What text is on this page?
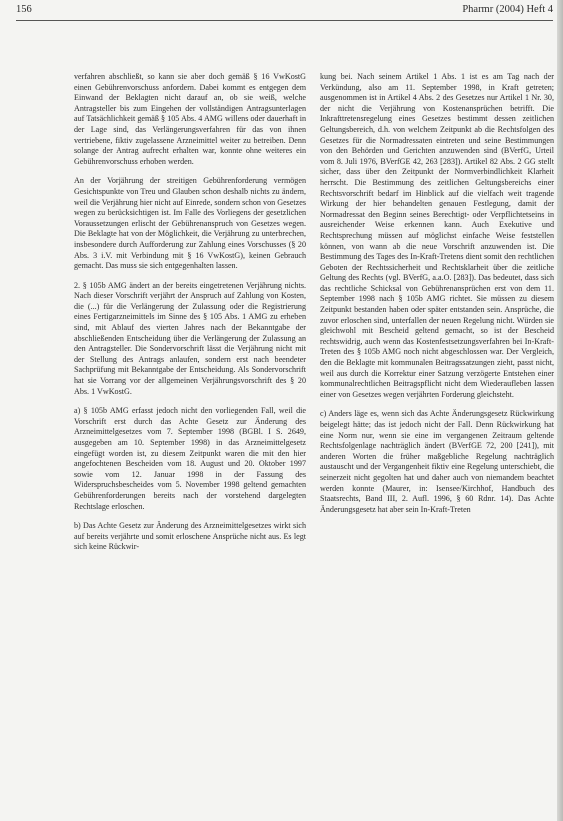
156	Pharmr (2004) Heft 4

verfahren abschließt, so kann sie aber doch gemäß § 16 VwKostG einen Gebührenvorschuss anfordern. Dabei kommt es entgegen dem Einwand der Beklagten nicht darauf an, ob sie weiß, welche Antragsteller bis zum Eingehen der vollständigen Antragsunterlagen auf Tatsächlichkeit gemäß § 105 Abs. 4 AMG willens oder dauerhaft in der Lage sind, das Verlängerungsverfahren für das von ihnen vertriebene, fiktiv zugelassene Arzneimittel weiter zu betreiben. Denn solange der Antrag aufrecht erhalten war, konnte ohne weiteres ein Gebührenvorschuss erhoben werden.

An der Vorjährung der streitigen Gebührenforderung vermögen Gesichtspunkte von Treu und Glauben schon deshalb nichts zu ändern, weil die Verjährung hier nicht auf Einrede, sondern schon von Gesetzes wegen zu berücksichtigen ist. Im Falle des Vorliegens der gesetzlichen Voraussetzungen erlischt der Gebührenanspruch von Gesetzes wegen. Die Beklagte hat von der Möglichkeit, die Verjährung zu unterbrechen, insbesondere durch Aufforderung zur Zahlung eines Vorschusses (§ 20 Abs. 3 i.V. mit Verbindung mit § 16 VwKostG), keinen Gebrauch gemacht. Das muss sie sich entgegenhalten lassen.

2. § 105b AMG ändert an der bereits eingetretenen Verjährung nichts. Nach dieser Vorschrift verjährt der Anspruch auf Zahlung von Kosten, die (...) für die Verlängerung der Zulassung oder die Registrierung eines Fertigarzneimittels im Sinne des § 105 Abs. 1 AMG zu erheben sind, mit Ablauf des vierten Jahres nach der Bekanntgabe der abschließenden Entscheidung über die Verlängerung der Zulassung an den Antragsteller. Die Sondervorschrift lässt die Verjährung nicht mit der Stellung des Antrags anlaufen, sondern erst nach beendeter Sachprüfung mit Bekanntgabe der Entscheidung. Als Sondervorschrift hat sie Vorrang vor der allgemeinen Verjährungsvorschrift des § 20 Abs. 1 VwKostG.

a) § 105b AMG erfasst jedoch nicht den vorliegenden Fall, weil die Vorschrift erst durch das Achte Gesetz zur Änderung des Arzneimittelgesetzes vom 7. September 1998 (BGBl. I S. 2649, ausgegeben am 10. September 1998) in das Arzneimittelgesetz eingefügt worden ist, zu diesem Zeitpunkt waren die mit den hier angefochtenen Bescheiden vom 18. August und 20. Oktober 1997 sowie vom 12. Januar 1998 in der Fassung des Widerspruchsbescheides vom 5. November 1998 geltend gemachten Gebührenforderungen bereits nach der vorstehend dargelegten Rechtslage erloschen.

b) Das Achte Gesetz zur Änderung des Arzneimittelgesetzes wirkt sich auf bereits verjährte und somit erloschene Ansprüche nicht aus. Es legt sich keine Rückwir-

kung bei. Nach seinem Artikel 1 Abs. 1 ist es am Tag nach der Verkündung, also am 11. September 1998, in Kraft getreten; ausgenommen ist in Artikel 4 Abs. 2 des Gesetzes nur Artikel 1 Nr. 30, der nicht die Verjährung von Kostenansprüchen betrifft. Die Inkrafttretensregelung eines Gesetzes bestimmt dessen zeitlichen Geltungsbereich, d.h. von welchem Zeitpunkt ab die Rechtsfolgen des Gesetzes für die Normadressaten eintreten und seine Bestimmungen von den Behörden und Gerichten anzuwenden sind (BVerfG, Urteil vom 8. Juli 1976, BVerfGE 42, 263 [283]). Artikel 82 Abs. 2 GG stellt sicher, dass über den Zeitpunkt der Normverbindlichkeit Klarheit herrscht. Die Bestimmung des zeitlichen Geltungsbereichs einer Rechtsvorschrift bedarf im Hinblick auf die vielfach weit tragende Wirkung der hier behandelten genauen Festlegung, damit der Normadressat den Beginn seines Berechtigt- oder Verpflichtetseins in ausreichender Weise erkennen kann. Auch Exekutive und Rechtsprechung müssen auf möglichst einfache Weise feststellen können, von wann ab die neue Vorschrift anzuwenden ist. Die Bestimmung des Tages des In-Kraft-Tretens dient somit den rechtlichen Geboten der Rechtssicherheit und Rechtsklarheit über die zeitliche Geltung des Rechts (vgl. BVerfG, a.a.O. [283]). Das bedeutet, dass sich das rechtliche Schicksal von Gebührenansprüchen erst von dem 11. September 1998 nach § 105b AMG richtet. Sie müssen zu diesem Zeitpunkt bestanden haben oder später entstanden sein. Ansprüche, die zuvor erloschen sind, unterfallen der neuen Regelung nicht. Würden sie gleichwohl mit Bescheid geltend gemacht, so ist der Bescheid rechtswidrig, auch wenn das Kostenfestsetzungsverfahren bei In-Kraft-Treten des § 105b AMG noch nicht abgeschlossen war. Der Vergleich, den die Beklagte mit kommunalen Beitragssatzungen zieht, passt nicht, weil aus durch die Korrektur einer Satzung verzögerte Entstehen einer kommunalrechtlichen Beitragspflicht nicht dem Wiederaufleben lassen einer von Gesetzes wegen verjährten Forderung gleichsteht.

c) Anders läge es, wenn sich das Achte Änderungsgesetz Rückwirkung beigelegt hätte; das ist jedoch nicht der Fall. Denn Rückwirkung hat eine Norm nur, wenn sie eine im vergangenen Zeitraum geltende Rechtsfolgenlage nachträglich ändert (BVerfGE 72, 200 [241]), mit anderen Worten die früher maßgebliche Regelung nachträglich austauscht und der Vergangenheit fiktiv eine Regelung unterschiebt, die seinerzeit nicht gegolten hat und daher auch von niemandem beachtet werden konnte (Maurer, in: Isensee/Kirchhof, Handbuch des Staatsrechts, Band III, 2. Aufl. 1996, § 60 Rdnr. 14). Das Achte Änderungsgesetz hat aber sein In-Kraft-Treten
